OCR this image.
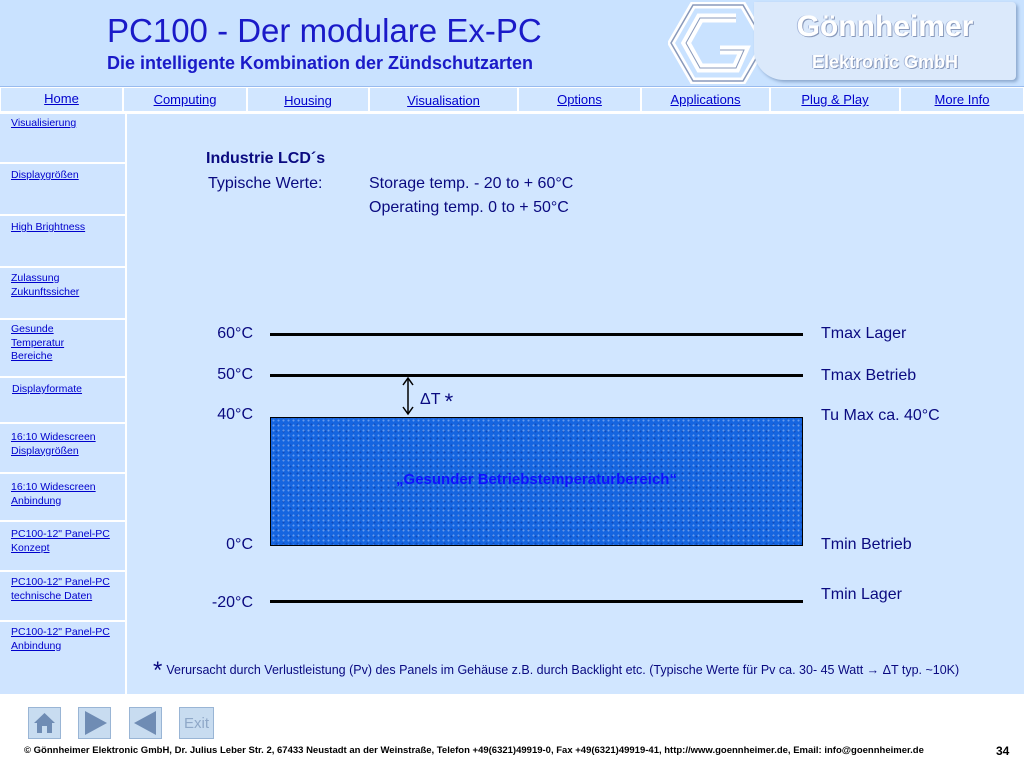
PC100 - Der modulare Ex-PC
Die intelligente Kombination der Zündschutzarten
Gönnheimer
Elektronic GmbH
Home	Computing	Housing	Visualisation	Options	Applications	Plug & Play	More Info
Visualisierung
Displaygrößen
High Brightness
Zulassung
Zukunftssicher
Gesunde
Temperatur
Bereiche
Displayformate
16:10 Widescreen
Displaygrößen
16:10 Widescreen
Anbindung
PC100-12" Panel-PC
Konzept
PC100-12" Panel-PC
technische Daten
PC100-12" Panel-PC
Anbindung
Industrie LCD´s
Typische Werte:	Storage temp. - 20 to + 60°C
Operating temp. 0 to + 50°C
60°C	Tmax Lager
50°C	Tmax Betrieb
40°C	Tu Max ca. 40°C
„Gesunder Betriebstemperaturbereich“
0°C	Tmin Betrieb
-20°C	Tmin Lager
ΔT *
* Verursacht durch Verlustleistung (Pv) des Panels im Gehäuse z.B. durch Backlight etc. (Typische Werte für Pv ca. 30- 45 Watt → ΔT typ. ~10K)
Exit
© Gönnheimer Elektronic GmbH, Dr. Julius Leber Str. 2, 67433 Neustadt an der Weinstraße, Telefon +49(6321)49919-0, Fax +49(6321)49919-41, http://www.goennheimer.de, Email: info@goennheimer.de	34
